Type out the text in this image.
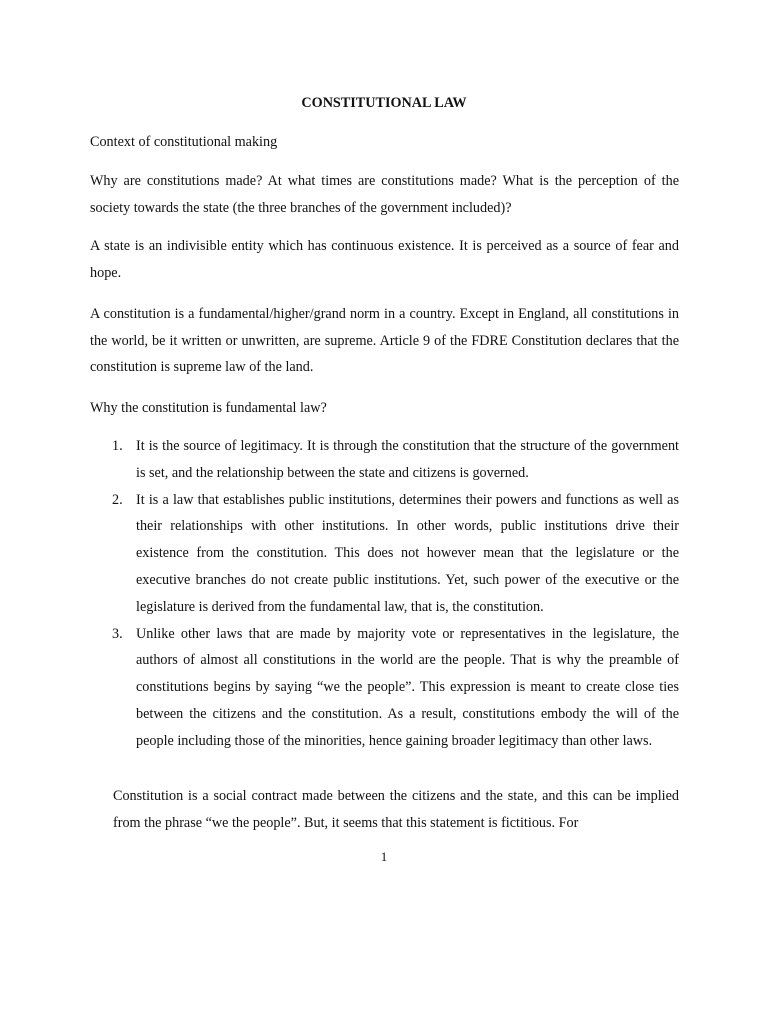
CONSTITUTIONAL LAW

Context of constitutional making

Why are constitutions made? At what times are constitutions made? What is the perception of the society towards the state (the three branches of the government included)?

A state is an indivisible entity which has continuous existence. It is perceived as a source of fear and hope.

A constitution is a fundamental/higher/grand norm in a country. Except in England, all constitutions in the world, be it written or unwritten, are supreme. Article 9 of the FDRE Constitution declares that the constitution is supreme law of the land.

Why the constitution is fundamental law?

1. It is the source of legitimacy. It is through the constitution that the structure of the government is set, and the relationship between the state and citizens is governed.
2. It is a law that establishes public institutions, determines their powers and functions as well as their relationships with other institutions. In other words, public institutions drive their existence from the constitution. This does not however mean that the legislature or the executive branches do not create public institutions. Yet, such power of the executive or the legislature is derived from the fundamental law, that is, the constitution.
3. Unlike other laws that are made by majority vote or representatives in the legislature, the authors of almost all constitutions in the world are the people. That is why the preamble of constitutions begins by saying “we the people”. This expression is meant to create close ties between the citizens and the constitution. As a result, constitutions embody the will of the people including those of the minorities, hence gaining broader legitimacy than other laws.

Constitution is a social contract made between the citizens and the state, and this can be implied from the phrase “we the people”. But, it seems that this statement is fictitious. For

1
